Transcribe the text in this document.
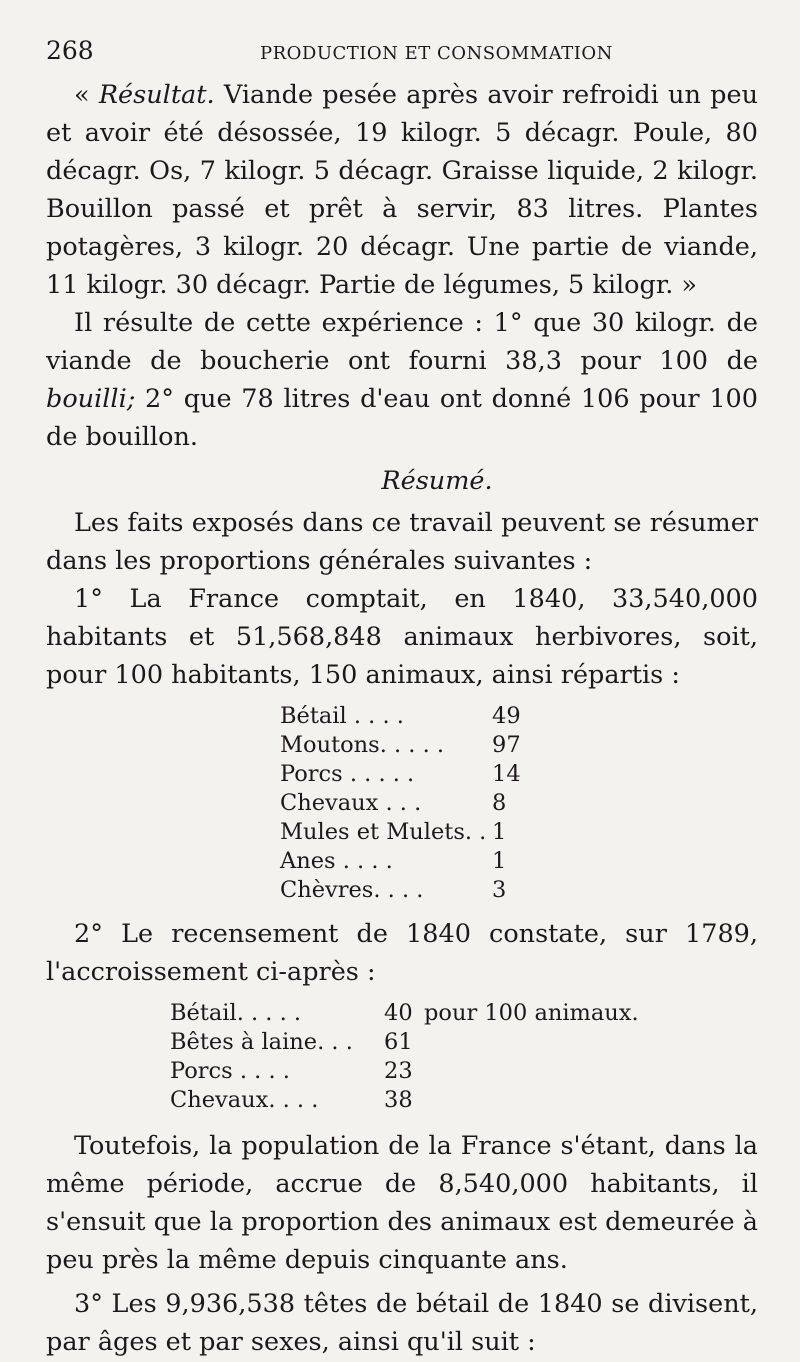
268	PRODUCTION ET CONSOMMATION

« Résultat. Viande pesée après avoir refroidi un peu et avoir été désossée, 19 kilogr. 5 décagr. Poule, 80 décagr. Os, 7 kilogr. 5 décagr. Graisse liquide, 2 kilogr. Bouillon passé et prêt à servir, 83 litres. Plantes potagères, 3 kilogr. 20 décagr. Une partie de viande, 11 kilogr. 30 décagr. Partie de légumes, 5 kilogr. »

Il résulte de cette expérience : 1° que 30 kilogr. de viande de boucherie ont fourni 38,3 pour 100 de bouilli; 2° que 78 litres d'eau ont donné 106 pour 100 de bouillon.

Résumé.

Les faits exposés dans ce travail peuvent se résumer dans les proportions générales suivantes :

1° La France comptait, en 1840, 33,540,000 habitants et 51,568,848 animaux herbivores, soit, pour 100 habitants, 150 animaux, ainsi répartis :

Bétail . . . .	49
Moutons. . . . .	97
Porcs . . . . .	14
Chevaux . . .	8
Mules et Mulets. .	1
Anes . . . .	1
Chèvres. . . .	3

2° Le recensement de 1840 constate, sur 1789, l'accroissement ci-après :

Bétail. . . . .	40	pour 100 animaux.
Bêtes à laine. . .	61	
Porcs . . . .	23	
Chevaux. . . .	38	

Toutefois, la population de la France s'étant, dans la même période, accrue de 8,540,000 habitants, il s'ensuit que la proportion des animaux est demeurée à peu près la même depuis cinquante ans.

3° Les 9,936,538 têtes de bétail de 1840 se divisent, par âges et par sexes, ainsi qu'il suit :
